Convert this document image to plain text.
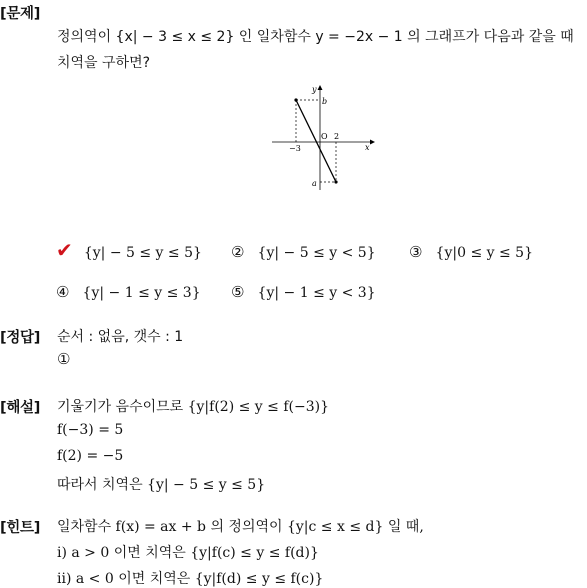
[문제]
정의역이 {x| − 3 ≤ x ≤ 2} 인 일차함수 y = −2x − 1 의 그래프가 다음과 같을 때
치역을 구하면?
y
x
b
O 2
−3
a
✔ {y| − 5 ≤ y ≤ 5} ② {y| − 5 ≤ y < 5} ③ {y|0 ≤ y ≤ 5}
④ {y| − 1 ≤ y ≤ 3} ⑤ {y| − 1 ≤ y < 3}
[정답] 순서 : 없음, 갯수 : 1
①
[해설] 기울기가 음수이므로 {y|f(2) ≤ y ≤ f(−3)}
f(−3) = 5
f(2) = −5
따라서 치역은 {y| − 5 ≤ y ≤ 5}
[힌트] 일차함수 f(x) = ax + b 의 정의역이 {y|c ≤ x ≤ d} 일 때,
i) a > 0 이면 치역은 {y|f(c) ≤ y ≤ f(d)}
ii) a < 0 이면 치역은 {y|f(d) ≤ y ≤ f(c)}
